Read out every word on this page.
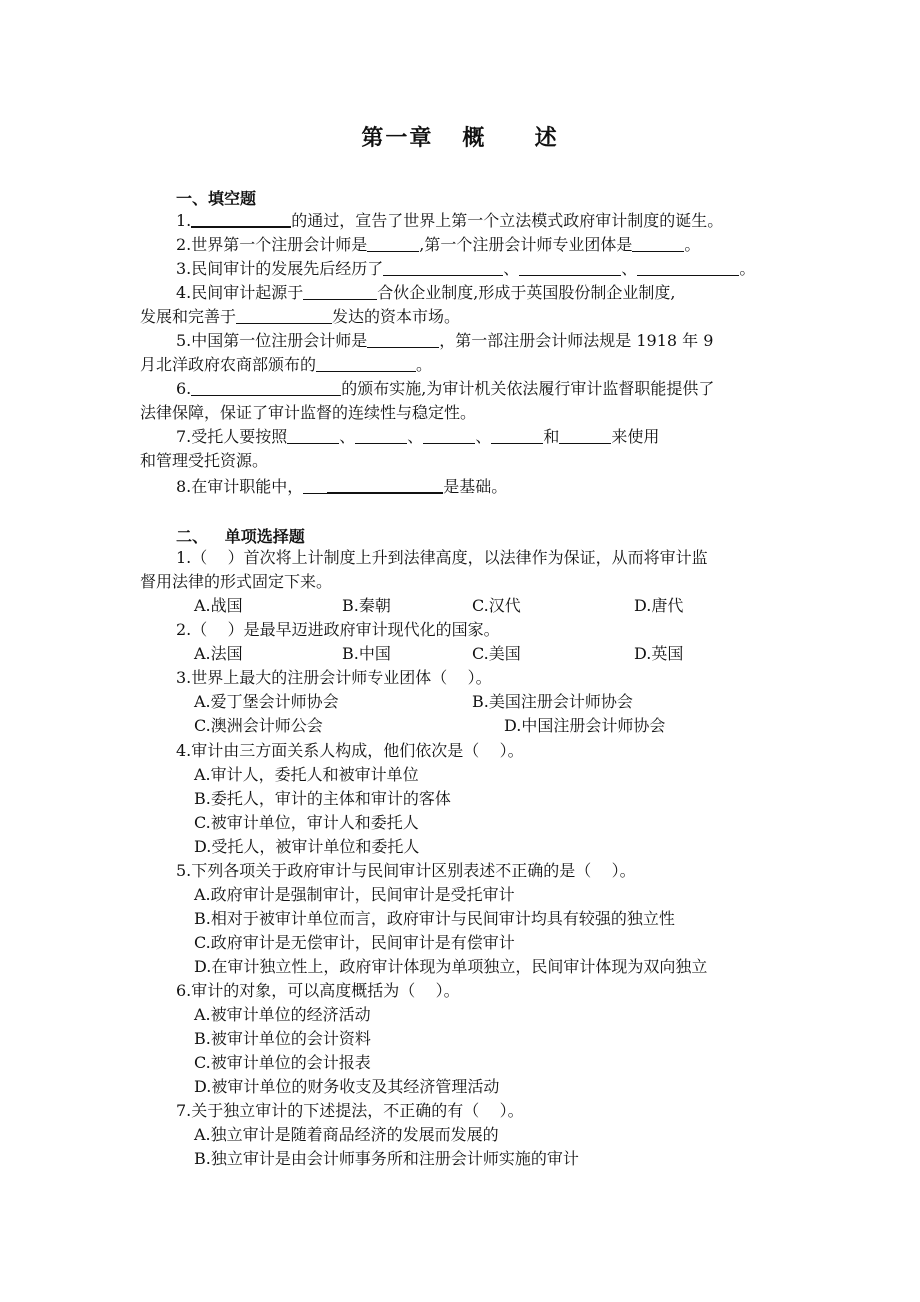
第一章   概     述
一、填空题
1.	的通过，宣告了世界上第一个立法模式政府审计制度的诞生。
2.世界第一个注册会计师是	,第一个注册会计师专业团体是	。
3.民间审计的发展先后经历了	、	、	。
4.民间审计起源于	合伙企业制度,形成于英国股份制企业制度,
发展和完善于	发达的资本市场。
5.中国第一位注册会计师是	，第一部注册会计师法规是 1918 年 9
月北洋政府农商部颁布的	。
6.	的颁布实施,为审计机关依法履行审计监督职能提供了
法律保障，保证了审计监督的连续性与稳定性。
7.受托人要按照	、	、	、	和	来使用
和管理受托资源。
8.在审计职能中，	是基础。
二、   单项选择题
1.（    ）首次将上计制度上升到法律高度，以法律作为保证，从而将审计监
督用法律的形式固定下来。
A.战国	B.秦朝	C.汉代	D.唐代
2.（    ）是最早迈进政府审计现代化的国家。
A.法国	B.中国	C.美国	D.英国
3.世界上最大的注册会计师专业团体（    ）。
A.爱丁堡会计师协会	B.美国注册会计师协会
C.澳洲会计师公会	D.中国注册会计师协会
4.审计由三方面关系人构成，他们依次是（    ）。
A.审计人，委托人和被审计单位
B.委托人，审计的主体和审计的客体
C.被审计单位，审计人和委托人
D.受托人，被审计单位和委托人
5.下列各项关于政府审计与民间审计区别表述不正确的是（    ）。
A.政府审计是强制审计，民间审计是受托审计
B.相对于被审计单位而言，政府审计与民间审计均具有较强的独立性
C.政府审计是无偿审计，民间审计是有偿审计
D.在审计独立性上，政府审计体现为单项独立，民间审计体现为双向独立
6.审计的对象，可以高度概括为（    ）。
A.被审计单位的经济活动
B.被审计单位的会计资料
C.被审计单位的会计报表
D.被审计单位的财务收支及其经济管理活动
7.关于独立审计的下述提法，不正确的有（    ）。
A.独立审计是随着商品经济的发展而发展的
B.独立审计是由会计师事务所和注册会计师实施的审计
